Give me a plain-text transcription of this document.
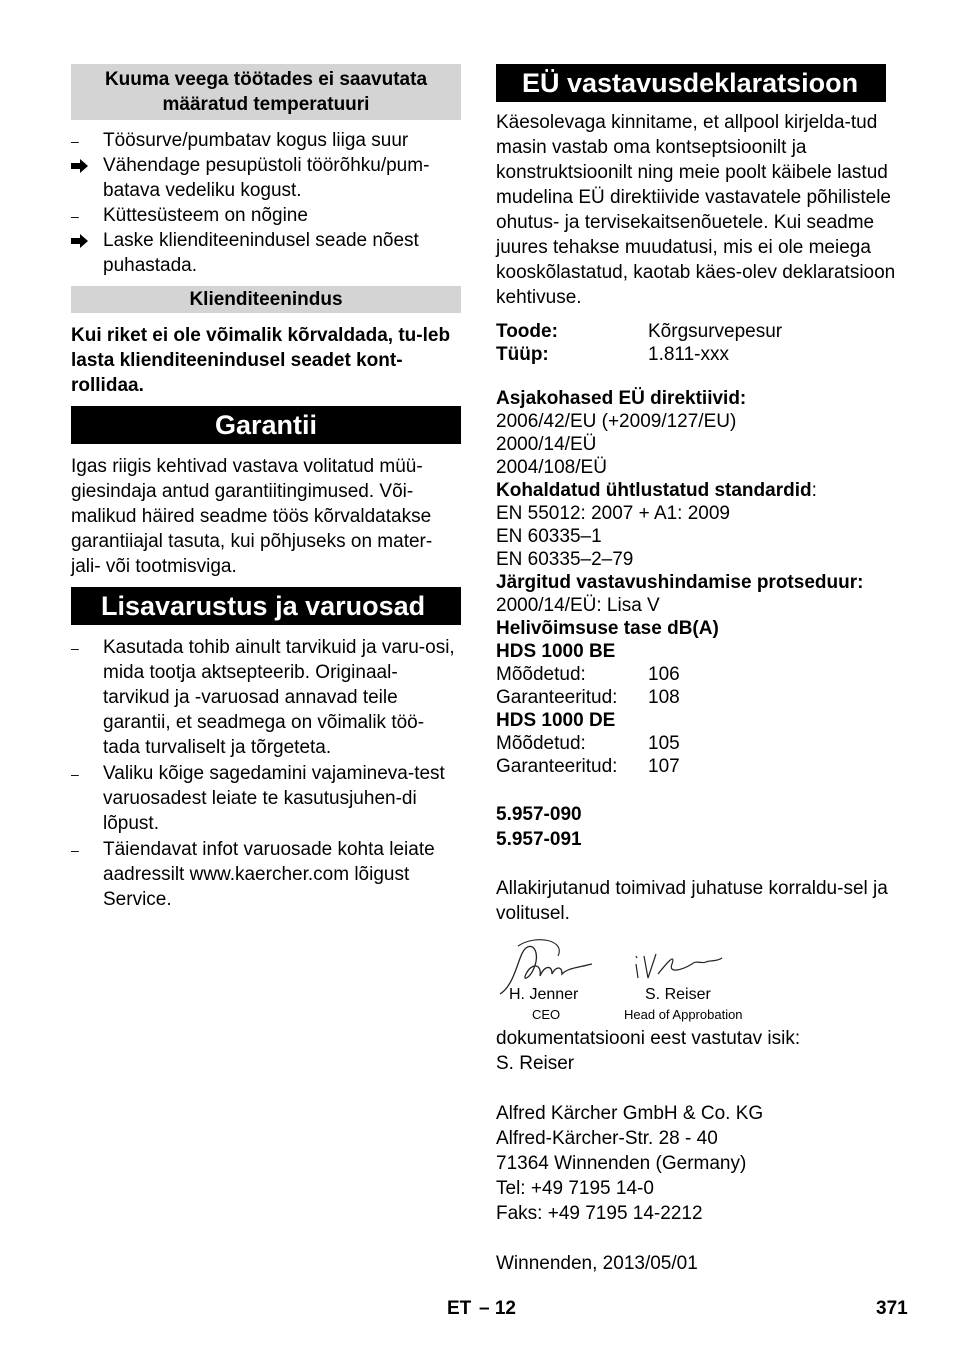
Kuuma veega töötades ei saavutata määratud temperatuuri
–
Töösurve/pumbatav kogus liiga suur
Vähendage pesupüstoli töörõhku/pum-batava vedeliku kogust.
–
Küttesüsteem on nõgine
Laske klienditeenindusel seade nõest puhastada.
Klienditeenindus

Kui riket ei ole võimalik kõrvaldada, tu-leb lasta klienditeenindusel seadet kont-rollidaa.

Garantii

Igas riigis kehtivad vastava volitatud müü-giesindaja antud garantiitingimused. Või-malikud häired seadme töös kõrvaldatakse garantiiajal tasuta, kui põhjuseks on mater-jali- või tootmisviga.

Lisavarustus ja varuosad
–
Kasutada tohib ainult tarvikuid ja varu-osi, mida tootja aktsepteerib. Originaal-tarvikud ja -varuosad annavad teile garantii, et seadmega on võimalik töö-tada turvaliselt ja tõrgeteta.
–
Valiku kõige sagedamini vajamineva-test varuosadest leiate te kasutusjuhen-di lõpust.
–
Täiendavat infot varuosade kohta leiate aadressilt www.kaercher.com lõigust Service.
EÜ vastavusdeklaratsioon

Käesolevaga kinnitame, et allpool kirjelda-tud masin vastab oma kontseptsioonilt ja konstruktsioonilt ning meie poolt käibele lastud mudelina EÜ direktiivide vastavatele põhilistele ohutus- ja tervisekaitsenõuetele. Kui seadme juures tehakse muudatusi, mis ei ole meiega kooskõlastatud, kaotab käes-olev deklaratsioon kehtivuse.

Toode:	Kõrgsurvepesur
Tüüp:	1.811-xxx
Asjakohased EÜ direktiivid:
2006/42/EU (+2009/127/EU)
2000/14/EÜ
2004/108/EÜ
Kohaldatud ühtlustatud standardid:
EN 55012: 2007 + A1: 2009
EN 60335–1
EN 60335–2–79
Järgitud vastavushindamise protseduur:
2000/14/EÜ: Lisa V
Helivõimsuse tase dB(A)
HDS 1000 BE
Mõõdetud:	106
Garanteeritud:	108
HDS 1000 DE
Mõõdetud:	105
Garanteeritud:	107
5.957-090
5.957-091

Allakirjutanud toimivad juhatuse korraldu-sel ja volitusel.

H. Jenner
CEO
S. Reiser
Head of Approbation
dokumentatsiooni eest vastutav isik:
S. Reiser
Alfred Kärcher GmbH & Co. KG
Alfred-Kärcher-Str. 28 - 40
71364 Winnenden (Germany)
Tel: +49 7195 14-0
Faks: +49 7195 14-2212
Winnenden, 2013/05/01
ET – 12	371
